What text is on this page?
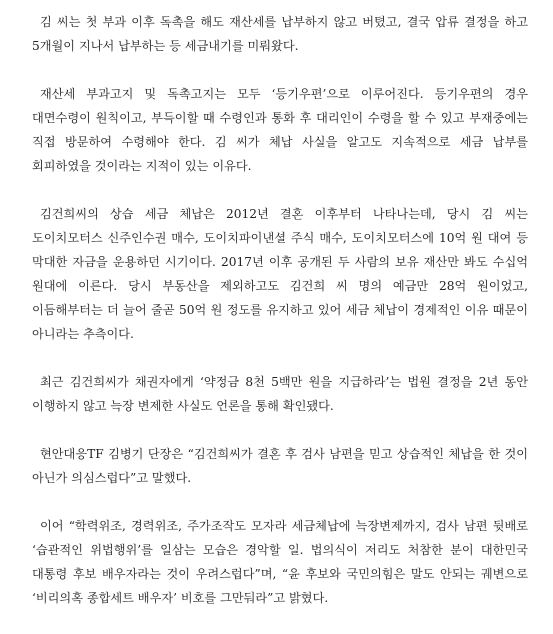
김 씨는 첫 부과 이후 독촉을 해도 재산세를 납부하지 않고 버텼고, 결국 압류 결정을 하고 5개월이 지나서 납부하는 등 세금내기를 미뤄왔다.

재산세 부과고지 및 독촉고지는 모두 ‘등기우편’으로 이루어진다. 등기우편의 경우 대면수령이 원칙이고, 부득이할 때 수령인과 통화 후 대리인이 수령을 할 수 있고 부재중에는 직접 방문하여 수령해야 한다. 김 씨가 체납 사실을 알고도 지속적으로 세금 납부를 회피하였을 것이라는 지적이 있는 이유다.

김건희씨의 상습 세금 체납은 2012년 결혼 이후부터 나타나는데, 당시 김 씨는 도이치모터스 신주인수권 매수, 도이치파이낸셜 주식 매수, 도이치모터스에 10억 원 대여 등 막대한 자금을 운용하던 시기이다. 2017년 이후 공개된 두 사람의 보유 재산만 봐도 수십억 원대에 이른다. 당시 부동산을 제외하고도 김건희 씨 명의 예금만 28억 원이었고, 이듬해부터는 더 늘어 줄곧 50억 원 정도를 유지하고 있어 세금 체납이 경제적인 이유 때문이 아니라는 추측이다.

최근 김건희씨가 채권자에게 ‘약정금 8천 5백만 원을 지급하라’는 법원 결정을 2년 동안 이행하지 않고 늑장 변제한 사실도 언론을 통해 확인됐다.

현안대응TF 김병기 단장은 “김건희씨가 결혼 후 검사 남편을 믿고 상습적인 체납을 한 것이 아닌가 의심스럽다”고 말했다.

이어 “학력위조, 경력위조, 주가조작도 모자라 세금체납에 늑장변제까지, 검사 남편 뒷배로 ‘습관적인 위법행위’를 일삼는 모습은 경악할 일. 법의식이 저리도 처참한 분이 대한민국 대통령 후보 배우자라는 것이 우려스럽다”며, “윤 후보와 국민의힘은 말도 안되는 궤변으로 ‘비리의혹 종합세트 배우자’ 비호를 그만둬라”고 밝혔다.
